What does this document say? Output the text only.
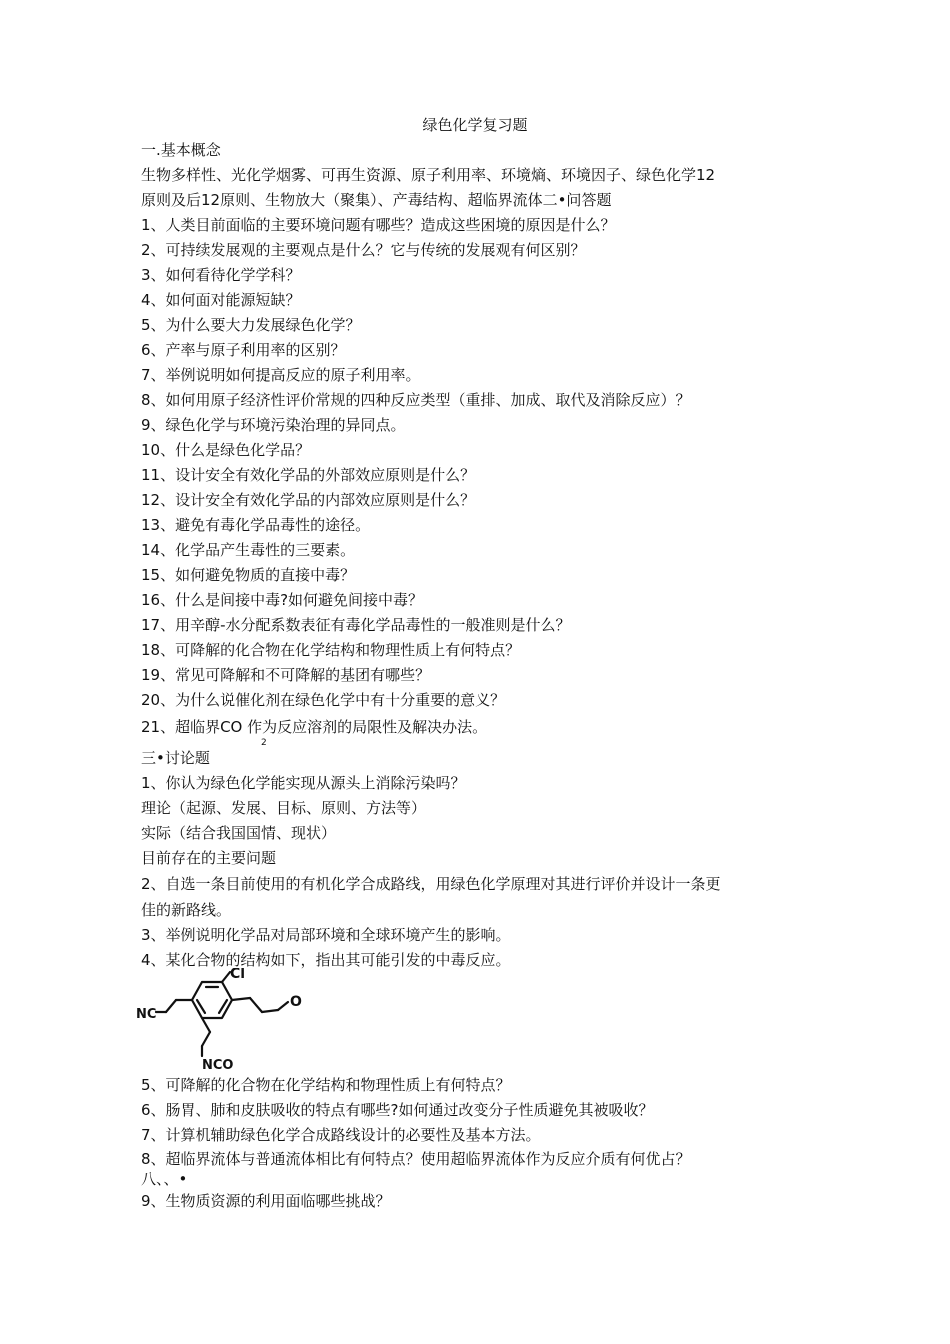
绿色化学复习题
一.基本概念
生物多样性、光化学烟雾、可再生资源、原子利用率、环境熵、环境因子、绿色化学12
原则及后12原则、生物放大（聚集）、产毒结构、超临界流体二•问答题
1、人类目前面临的主要环境问题有哪些？造成这些困境的原因是什么？
2、可持续发展观的主要观点是什么？它与传统的发展观有何区别？
3、如何看待化学学科？
4、如何面对能源短缺？
5、为什么要大力发展绿色化学？
6、产率与原子利用率的区别？
7、举例说明如何提高反应的原子利用率。
8、如何用原子经济性评价常规的四种反应类型（重排、加成、取代及消除反应）？
9、绿色化学与环境污染治理的异同点。
10、什么是绿色化学品？
11、设计安全有效化学品的外部效应原则是什么？
12、设计安全有效化学品的内部效应原则是什么？
13、避免有毒化学品毒性的途径。
14、化学品产生毒性的三要素。
15、如何避免物质的直接中毒？
16、什么是间接中毒?如何避免间接中毒？
17、用辛醇-水分配系数表征有毒化学品毒性的一般准则是什么？
18、可降解的化合物在化学结构和物理性质上有何特点？
19、常见可降解和不可降解的基团有哪些？
20、为什么说催化剂在绿色化学中有十分重要的意义？
21、超临界CO 作为反应溶剂的局限性及解决办法。
2
三•讨论题
1、你认为绿色化学能实现从源头上消除污染吗？
理论（起源、发展、目标、原则、方法等）
实际（结合我国国情、现状）
目前存在的主要问题
2、自选一条目前使用的有机化学合成路线，用绿色化学原理对其进行评价并设计一条更
佳的新路线。
3、举例说明化学品对局部环境和全球环境产生的影响。
4、某化合物的结构如下，指出其可能引发的中毒反应。
Cl
O
NC
NCO
5、可降解的化合物在化学结构和物理性质上有何特点？
6、肠胃、肺和皮肤吸收的特点有哪些?如何通过改变分子性质避免其被吸收？
7、计算机辅助绿色化学合成路线设计的必要性及基本方法。
8、超临界流体与普通流体相比有何特点？使用超临界流体作为反应介质有何优占？
八、、•
9、生物质资源的利用面临哪些挑战？
